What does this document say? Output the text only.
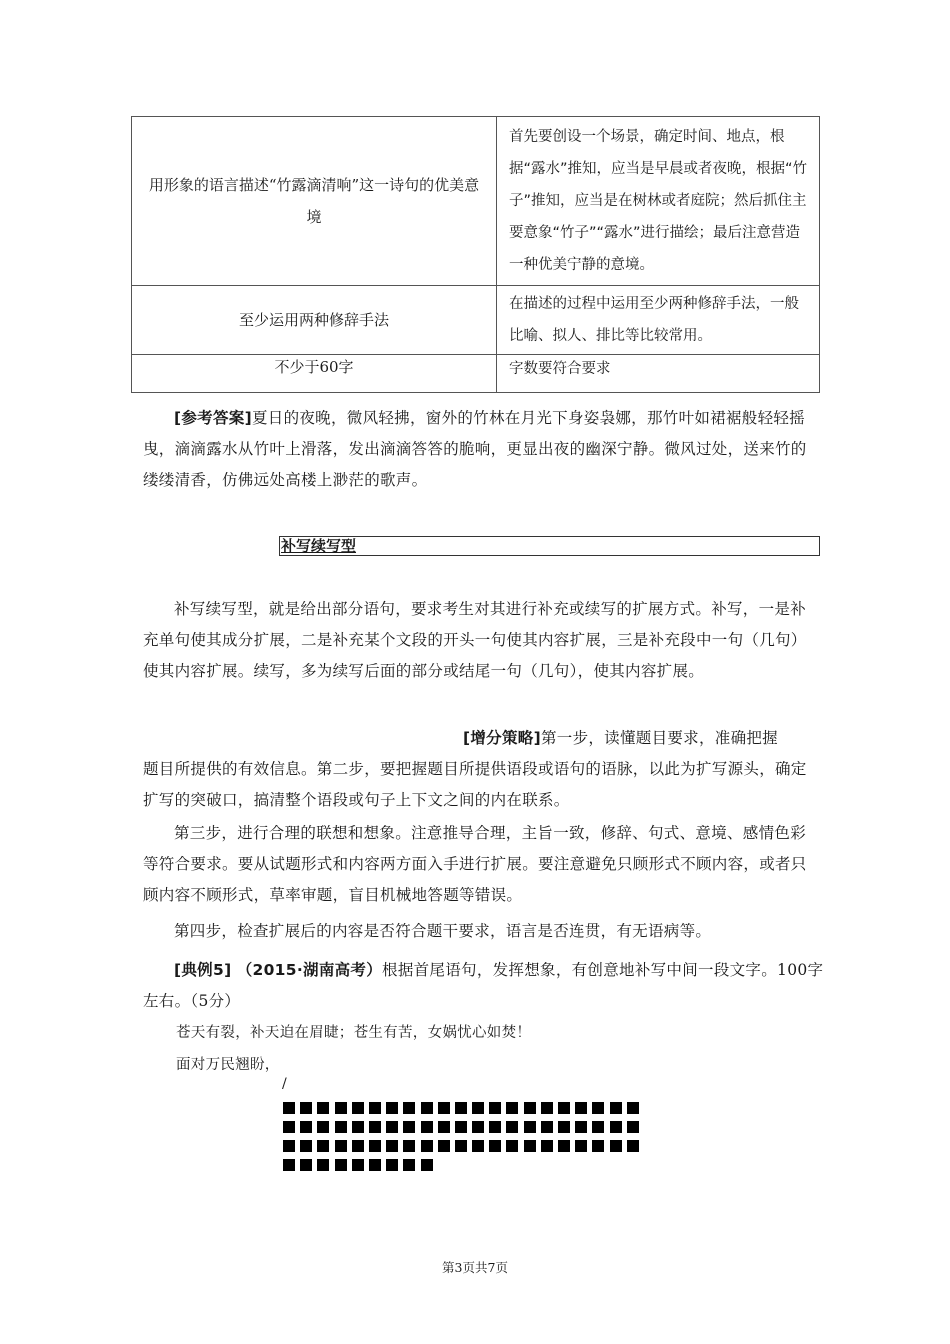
用形象的语言描述“竹露滴清响”这一诗句的优美意境	首先要创设一个场景，确定时间、地点，根据“露水”推知，应当是早晨或者夜晚，根据“竹子”推知，应当是在树林或者庭院；然后抓住主要意象“竹子”“露水”进行描绘；最后注意营造一种优美宁静的意境。
至少运用两种修辞手法	在描述的过程中运用至少两种修辞手法，一般比喻、拟人、排比等比较常用。
不少于60字	字数要符合要求
[参考答案]夏日的夜晚，微风轻拂，窗外的竹林在月光下身姿袅娜，那竹叶如裙裾般轻轻摇曳，滴滴露水从竹叶上滑落，发出滴滴答答的脆响，更显出夜的幽深宁静。微风过处，送来竹的缕缕清香，仿佛远处高楼上渺茫的歌声。
补写续写型
补写续写型，就是给出部分语句，要求考生对其进行补充或续写的扩展方式。补写，一是补充单句使其成分扩展，二是补充某个文段的开头一句使其内容扩展，三是补充段中一句（几句）使其内容扩展。续写，多为续写后面的部分或结尾一句（几句），使其内容扩展。
[增分策略]第一步，读懂题目要求，准确把握
题目所提供的有效信息。第二步，要把握题目所提供语段或语句的语脉，以此为扩写源头，确定扩写的突破口，搞清整个语段或句子上下文之间的内在联系。
第三步，进行合理的联想和想象。注意推导合理，主旨一致，修辞、句式、意境、感情色彩等符合要求。要从试题形式和内容两方面入手进行扩展。要注意避免只顾形式不顾内容，或者只顾内容不顾形式，草率审题，盲目机械地答题等错误。
第四步，检查扩展后的内容是否符合题干要求，语言是否连贯，有无语病等。
[典例5] （2015·湖南高考）根据首尾语句，发挥想象，有创意地补写中间一段文字。100字左右。（5分）
苍天有裂，补天迫在眉睫；苍生有苦，女娲忧心如焚！
面对万民翘盼，
/
第3页共7页
